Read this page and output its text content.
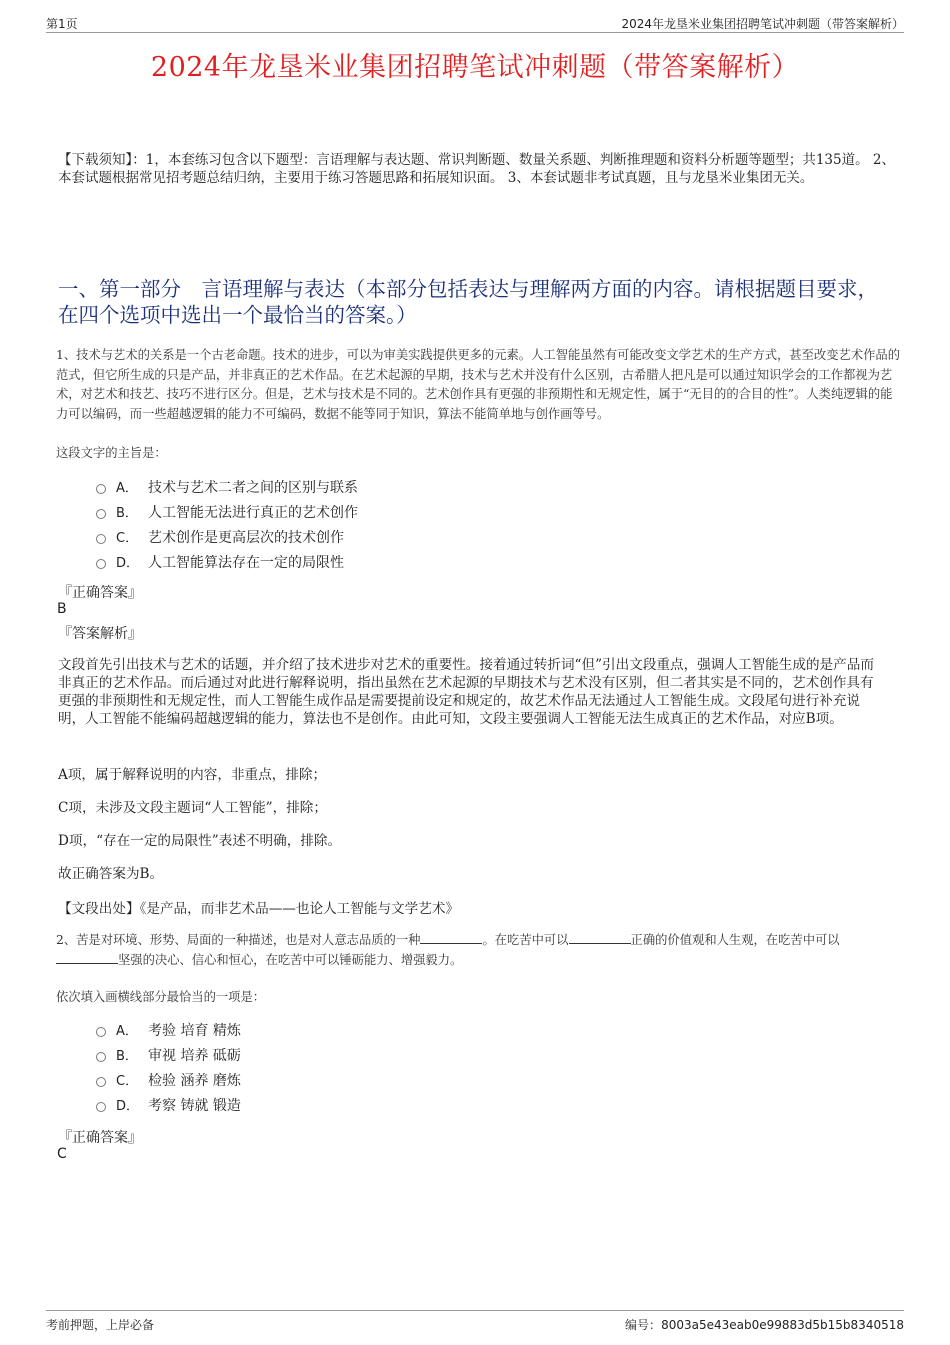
第1页	2024年龙垦米业集团招聘笔试冲刺题（带答案解析）
2024年龙垦米业集团招聘笔试冲刺题（带答案解析）
【下载须知】：1，本套练习包含以下题型：言语理解与表达题、常识判断题、数量关系题、判断推理题和资料分析题等题型；共135道。 2、本套试题根据常见招考题总结归纳，主要用于练习答题思路和拓展知识面。 3、本套试题非考试真题，且与龙垦米业集团无关。
一、第一部分　言语理解与表达（本部分包括表达与理解两方面的内容。请根据题目要求，在四个选项中选出一个最恰当的答案。）
1、技术与艺术的关系是一个古老命题。技术的进步，可以为审美实践提供更多的元素。人工智能虽然有可能改变文学艺术的生产方式，甚至改变艺术作品的范式，但它所生成的只是产品，并非真正的艺术作品。在艺术起源的早期，技术与艺术并没有什么区别，古希腊人把凡是可以通过知识学会的工作都视为艺术，对艺术和技艺、技巧不进行区分。但是，艺术与技术是不同的。艺术创作具有更强的非预期性和无规定性，属于“无目的的合目的性”。人类纯逻辑的能力可以编码，而一些超越逻辑的能力不可编码，数据不能等同于知识，算法不能简单地与创作画等号。
这段文字的主旨是：
A． 技术与艺术二者之间的区别与联系
B． 人工智能无法进行真正的艺术创作
C． 艺术创作是更高层次的技术创作
D． 人工智能算法存在一定的局限性
『正确答案』
B
『答案解析』
文段首先引出技术与艺术的话题，并介绍了技术进步对艺术的重要性。接着通过转折词“但”引出文段重点，强调人工智能生成的是产品而非真正的艺术作品。而后通过对此进行解释说明，指出虽然在艺术起源的早期技术与艺术没有区别，但二者其实是不同的，艺术创作具有更强的非预期性和无规定性，而人工智能生成作品是需要提前设定和规定的，故艺术作品无法通过人工智能生成。文段尾句进行补充说明，人工智能不能编码超越逻辑的能力，算法也不是创作。由此可知，文段主要强调人工智能无法生成真正的艺术作品，对应B项。
A项，属于解释说明的内容，非重点，排除；
C项，未涉及文段主题词“人工智能”，排除；
D项，“存在一定的局限性”表述不明确，排除。
故正确答案为B。
【文段出处】《是产品，而非艺术品——也论人工智能与文学艺术》
2、苦是对环境、形势、局面的一种描述，也是对人意志品质的一种	。在吃苦中可以	正确的价值观和人生观，在吃苦中可以坚强的决心、信心和恒心，在吃苦中可以锤砺能力、增强毅力。
依次填入画横线部分最恰当的一项是：
A． 考验 培育 精炼
B． 审视 培养 砥砺
C． 检验 涵养 磨炼
D． 考察 铸就 锻造
『正确答案』
C
考前押题，上岸必备	编号：8003a5e43eab0e99883d5b15b8340518
